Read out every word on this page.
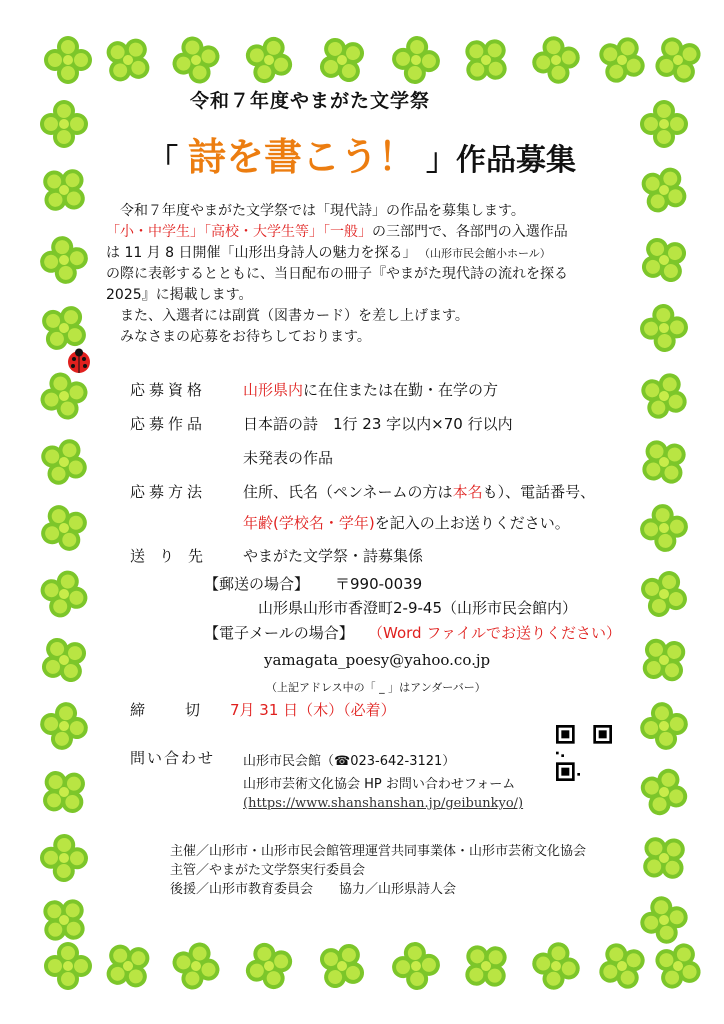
令和７年度やまがた文学祭
「 詩を書こう！ 」作品募集
令和７年度やまがた文学祭では「現代詩」の作品を募集します。
「小・中学生」「高校・大学生等」「一般」の三部門で、各部門の入選作品
は 11 月 8 日開催「山形出身詩人の魅力を探る」 （山形市民会館小ホール）
の際に表彰するとともに、当日配布の冊子『やまがた現代詩の流れを探る
2025』に掲載します。
また、入選者には副賞（図書カード）を差し上げます。
みなさまの応募をお待ちしております。
応募資格 山形県内に在住または在勤・在学の方
応募作品 日本語の詩　1行 23 字以内×70 行以内
未発表の作品
応募方法 住所、氏名（ペンネームの方は本名も）、電話番号、
年齢(学校名・学年)を記入の上お送りください。
送り先 やまがた文学祭・詩募集係
【郵送の場合】 〒990-0039
山形県山形市香澄町2-9-45（山形市民会館内）
【電子メールの場合】 （Word ファイルでお送りください）
yamagata_poesy@yahoo.co.jp
（上記アドレス中の「 _ 」はアンダーバー）
締切
7月 31 日（木）（必着）
問い合わせ 山形市民会館（☎023-642-3121）
山形市芸術文化協会 HP お問い合わせフォーム
(https://www.shanshanshan.jp/geibunkyo/)
主催／山形市・山形市民会館管理運営共同事業体・山形市芸術文化協会
主管／やまがた文学祭実行委員会
後援／山形市教育委員会　　協力／山形県詩人会
